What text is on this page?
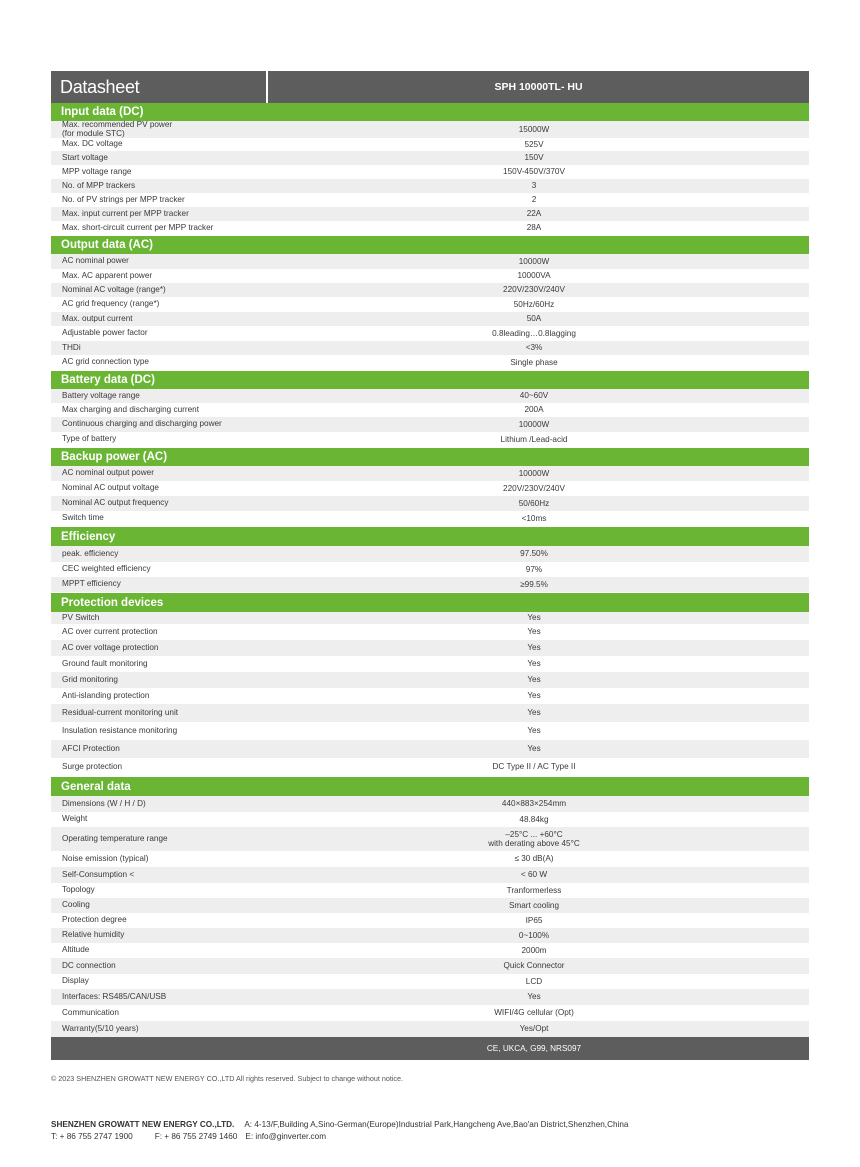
Datasheet	SPH 10000TL- HU
Input data (DC)
Max. recommended PV power
(for module STC)	15000W
Max. DC voltage	525V
Start voltage	150V
MPP voltage range	150V-450V/370V
No. of MPP trackers	3
No. of PV strings per MPP tracker	2
Max. input current per MPP tracker	22A
Max. short-circuit current per MPP tracker	28A
Output data (AC)
AC nominal power	10000W
Max. AC apparent power	10000VA
Nominal AC voltage (range*)	220V/230V/240V
AC grid frequency (range*)	50Hz/60Hz
Max. output current	50A
Adjustable power factor	0.8leading…0.8lagging
THDi	<3%
AC grid connection type	Single phase
Battery data (DC)
Battery voltage range	40~60V
Max charging and discharging current	200A
Continuous charging and discharging power	10000W
Type of battery	Lithium /Lead-acid
Backup power (AC)
AC nominal output power	10000W
Nominal AC output voltage	220V/230V/240V
Nominal AC output frequency	50/60Hz
Switch time	<10ms
Efficiency
peak. efficiency	97.50%
CEC weighted efficiency	97%
MPPT efficiency	≥99.5%
Protection devices
PV Switch	Yes
AC over current protection	Yes
AC over voltage protection	Yes
Ground fault monitoring	Yes
Grid monitoring	Yes
Anti-islanding protection	Yes
Residual-current monitoring unit	Yes
Insulation resistance monitoring	Yes
AFCI Protection	Yes
Surge protection	DC Type II / AC Type II
General data
Dimensions (W / H / D)	440×883×254mm
Weight	48.84kg
Operating temperature range	–25°C ... +60°C
with derating above 45°C
Noise emission (typical)	≤ 30 dB(A)
Self-Consumption <	< 60 W
Topology	Tranformerless
Cooling	Smart cooling
Protection degree	IP65
Relative humidity	0~100%
Altitude	2000m
DC connection	Quick Connector
Display	LCD
Interfaces: RS485/CAN/USB	Yes
Communication	WIFI/4G cellular (Opt)
Warranty(5/10 years)	Yes/Opt
CE, UKCA, G99, NRS097
© 2023 SHENZHEN GROWATT NEW ENERGY CO.,LTD All rights reserved. Subject to change without notice.
SHENZHEN GROWATT NEW ENERGY CO.,LTD. A: 4-13/F,Building A,Sino-German(Europe)Industrial Park,Hangcheng Ave,Bao'an District,Shenzhen,China
T: + 86 755 2747 1900	F: + 86 755 2749 1460 E: info@ginverter.com
